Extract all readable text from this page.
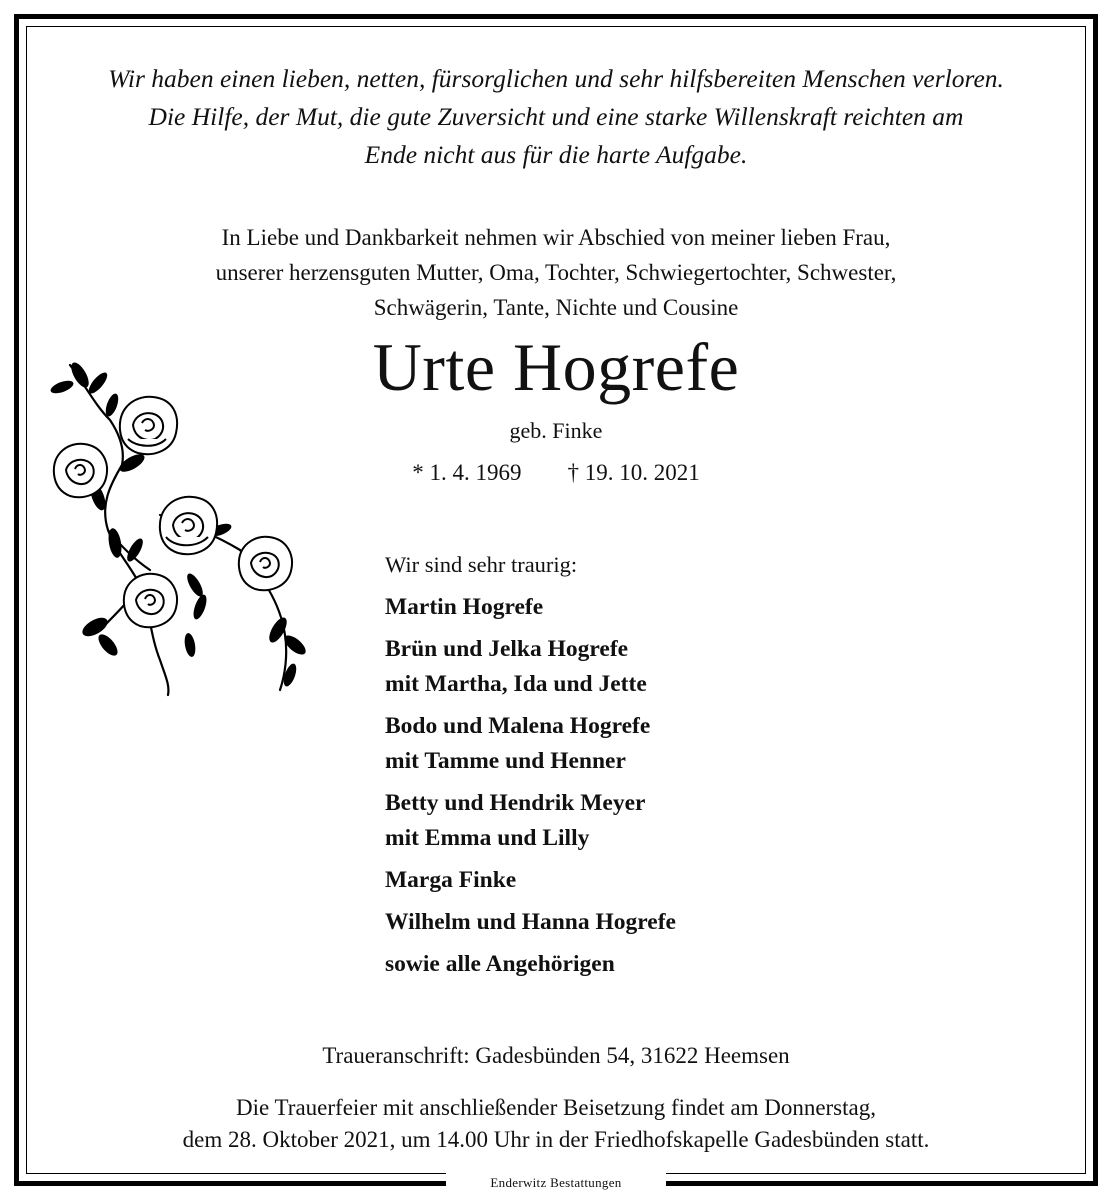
Wir haben einen lieben, netten, fürsorglichen und sehr hilfsbereiten Menschen verloren.
Die Hilfe, der Mut, die gute Zuversicht und eine starke Willenskraft reichten am
Ende nicht aus für die harte Aufgabe.
In Liebe und Dankbarkeit nehmen wir Abschied von meiner lieben Frau,
unserer herzensguten Mutter, Oma, Tochter, Schwiegertochter, Schwester,
Schwägerin, Tante, Nichte und Cousine
Urte Hogrefe
geb. Finke
* 1. 4. 1969 † 19. 10. 2021
Wir sind sehr traurig:
Martin Hogrefe
Brün und Jelka Hogrefe
mit Martha, Ida und Jette
Bodo und Malena Hogrefe
mit Tamme und Henner
Betty und Hendrik Meyer
mit Emma und Lilly
Marga Finke
Wilhelm und Hanna Hogrefe
sowie alle Angehörigen
Traueranschrift: Gadesbünden 54, 31622 Heemsen
Die Trauerfeier mit anschließender Beisetzung findet am Donnerstag,
dem 28. Oktober 2021, um 14.00 Uhr in der Friedhofskapelle Gadesbünden statt.
Enderwitz Bestattungen
